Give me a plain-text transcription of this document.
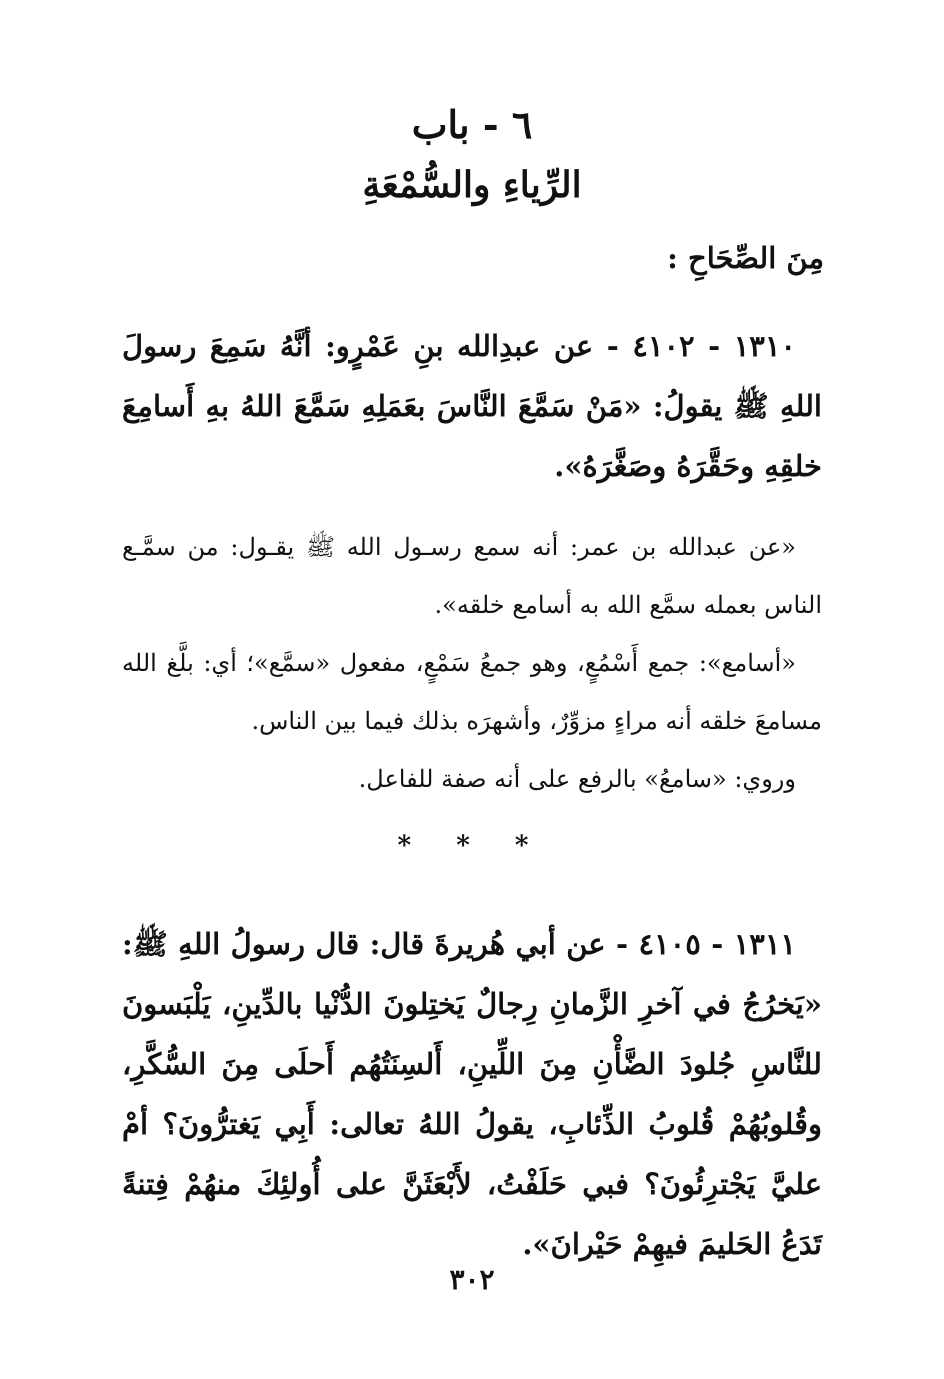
٦ - باب
الرِّياءِ والسُّمْعَةِ
مِنَ الصِّحَاحِ :

١٣١٠ - ٤١٠٢ - عن عبدِالله بنِ عَمْرٍو: أنَّهُ سَمِعَ رسولَ اللهِ ﷺ يقولُ: «مَنْ سَمَّعَ النَّاسَ بعَمَلِهِ سَمَّعَ اللهُ بهِ أَسامِعَ خلقِهِ وحَقَّرَهُ وصَغَّرَهُ».

«عن عبدالله بن عمر: أنه سمع رسـول الله ﷺ يقـول: من سمَّـع الناس بعمله سمَّع الله به أسامع خلقه».

«أسامع»: جمع أَسْمُعٍ، وهو جمعُ سَمْعٍ، مفعول «سمَّع»؛ أي: بلَّغ الله مسامعَ خلقه أنه مراءٍ مزوِّرٌ، وأشهرَه بذلك فيما بين الناس.

وروي: «سامعُ» بالرفع على أنه صفة للفاعل.

* * *

١٣١١ - ٤١٠٥ - عن أبي هُريرةَ قال: قال رسولُ اللهِ ﷺ: «يَخرُجُ في آخرِ الزَّمانِ رِجالٌ يَختِلونَ الدُّنْيا بالدِّينِ، يَلْبَسونَ للنَّاسِ جُلودَ الضَّأْنِ مِنَ اللِّينِ، أَلسِنَتُهُم أَحلَى مِنَ السُّكَّرِ، وقُلوبُهُمْ قُلوبُ الذِّئابِ، يقولُ اللهُ تعالى: أَبِي يَغترُّونَ؟ أمْ عليَّ يَجْترِئُونَ؟ فبي حَلَفْتُ، لأَبْعَثَنَّ على أُولئِكَ منهُمْ فِتنةً تَدَعُ الحَليمَ فيهِمْ حَيْرانَ».

٣٠٢
